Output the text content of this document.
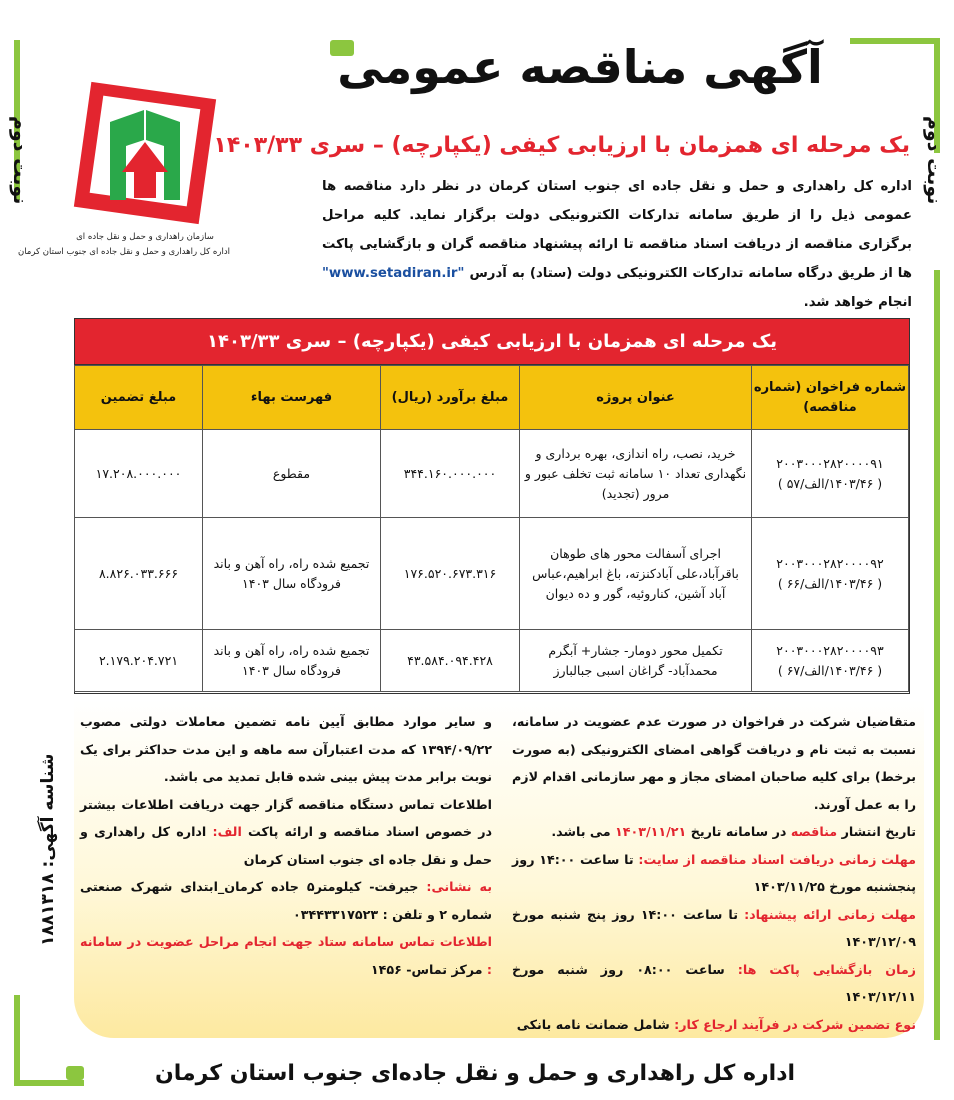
نوبت دوم
نوبت دوم
شناسه آگهی: ۱۸۸۱۳۱۸
آگهی مناقصه عمومی
یک مرحله ای همزمان با ارزیابی کیفی (یکپارچه) – سری ۱۴۰۳/۳۳
اداره کل راهداری و حمل و نقل جاده ای جنوب استان کرمان در نظر دارد مناقصه ها عمومی ذیل را از طریق سامانه تدارکات الکترونیکی دولت برگزار نماید. کلیه مراحل برگزاری مناقصه از دریافت اسناد مناقصه تا ارائه پیشنهاد مناقصه گران و بازگشایی پاکت ها از طریق درگاه سامانه تدارکات الکترونیکی دولت (ستاد) به آدرس "www.setadiran.ir" انجام خواهد شد.
سازمان راهداری و حمل و نقل جاده ای
اداره کل راهداری و حمل و نقل جاده ای جنوب استان کرمان
یک مرحله ای همزمان با ارزیابی کیفی (یکپارچه) – سری ۱۴۰۳/۳۳
شماره فراخوان (شماره مناقصه)	عنوان پروژه	مبلغ برآورد (ریال)	فهرست بهاء	مبلغ تضمین

۲۰۰۳۰۰۰۲۸۲۰۰۰۰۹۱
( ۱۴۰۳/۴۶/الف/۵۷ )	خرید، نصب، راه اندازی، بهره برداری و نگهداری تعداد ۱۰ سامانه ثبت تخلف عبور و مرور (تجدید)	۳۴۴.۱۶۰.۰۰۰.۰۰۰	مقطوع	۱۷.۲۰۸.۰۰۰.۰۰۰

۲۰۰۳۰۰۰۲۸۲۰۰۰۰۹۲
( ۱۴۰۳/۴۶/الف/۶۶ )	اجرای آسفالت محور های طوهان باقرآباد،علی آبادکنزته، باغ ابراهیم،عباس آباد آشین، کناروئیه، گور و ده دیوان	۱۷۶.۵۲۰.۶۷۳.۳۱۶	تجمیع شده راه، راه آهن و باند فرودگاه سال ۱۴۰۳	۸.۸۲۶.۰۳۳.۶۶۶

۲۰۰۳۰۰۰۲۸۲۰۰۰۰۹۳
( ۱۴۰۳/۴۶/الف/۶۷ )	تکمیل محور دومار- جشار+ آبگرم محمدآباد- گراغان اسبی جبالبارز	۴۳.۵۸۴.۰۹۴.۴۲۸	تجمیع شده راه، راه آهن و باند فرودگاه سال ۱۴۰۳	۲.۱۷۹.۲۰۴.۷۲۱
متقاضیان شرکت در فراخوان در صورت عدم عضویت در سامانه، نسبت به ثبت نام و دریافت گواهی امضای الکترونیکی (به صورت برخط) برای کلیه صاحبان امضای مجاز و مهر سازمانی اقدام لازم را به عمل آورند.
تاریخ انتشار مناقصه در سامانه تاریخ ۱۴۰۳/۱۱/۲۱ می باشد.
مهلت زمانی دریافت اسناد مناقصه از سایت: تا ساعت ۱۴:۰۰ روز پنجشنبه مورخ ۱۴۰۳/۱۱/۲۵
مهلت زمانی ارائه پیشنهاد: تا ساعت ۱۴:۰۰ روز پنج شنبه مورخ ۱۴۰۳/۱۲/۰۹
زمان بازگشایی پاکت ها: ساعت ۰۸:۰۰ روز شنبه مورخ ۱۴۰۳/۱۲/۱۱
نوع تضمین شرکت در فرآیند ارجاع کار: شامل ضمانت نامه بانکی
و سایر موارد مطابق آیین نامه تضمین معاملات دولتی مصوب ۱۳۹۴/۰۹/۲۲ که مدت اعتبارآن سه ماهه و این مدت حداکثر برای یک نوبت برابر مدت پیش بینی شده قابل تمدید می باشد.
اطلاعات تماس دستگاه مناقصه گزار جهت دریافت اطلاعات بیشتر در خصوص اسناد مناقصه و ارائه پاکت الف: اداره کل راهداری و حمل و نقل جاده ای جنوب استان کرمان
به نشانی: جیرفت- کیلومتر۵ جاده کرمان_ابتدای شهرک صنعتی شماره ۲ و تلفن : ۰۳۴۴۳۳۱۷۵۲۳
اطلاعات تماس سامانه ستاد جهت انجام مراحل عضویت در سامانه : مرکز تماس- ۱۴۵۶
اداره کل راهداری و حمل و نقل جاده‌ای جنوب استان کرمان
